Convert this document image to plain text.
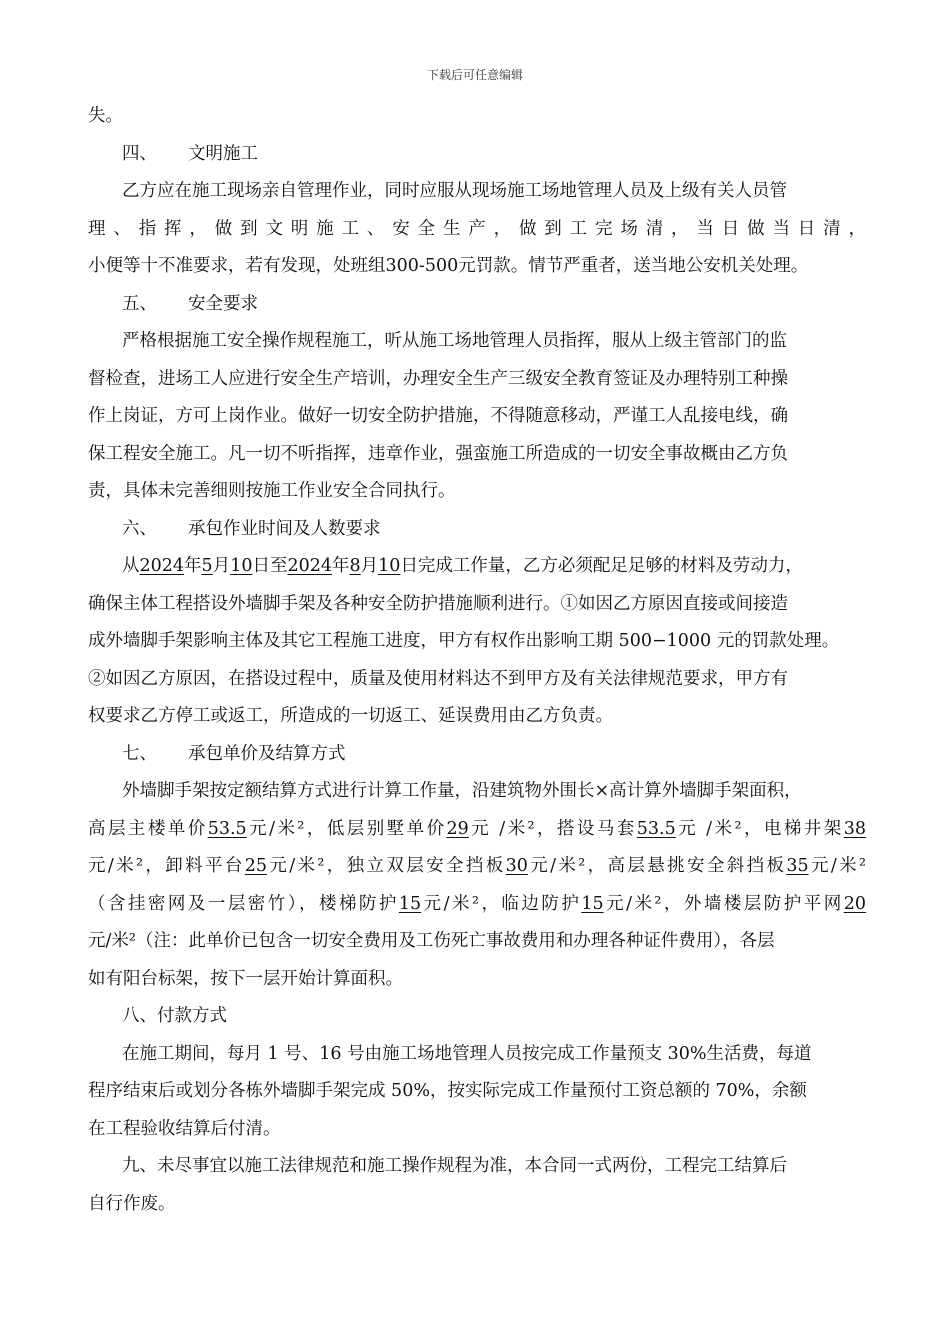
下载后可任意编辑
失。
四、 文明施工
乙方应在施工现场亲自管理作业，同时应服从现场施工场地管理人员及上级有关人员管
理、指挥，做到文明施工、安全生产，做到工完场清，当日做当日清，
小便等十不准要求，若有发现，处班组300-500元罚款。情节严重者，送当地公安机关处理。
五、 安全要求
严格根据施工安全操作规程施工，听从施工场地管理人员指挥，服从上级主管部门的监
督检查，进场工人应进行安全生产培训，办理安全生产三级安全教育签证及办理特别工种操
作上岗证，方可上岗作业。做好一切安全防护措施，不得随意移动，严谨工人乱接电线，确
保工程安全施工。凡一切不听指挥，违章作业，强蛮施工所造成的一切安全事故概由乙方负
责，具体未完善细则按施工作业安全合同执行。
六、 承包作业时间及人数要求
从2024年5月10日至2024年8月10日完成工作量，乙方必须配足足够的材料及劳动力，
确保主体工程搭设外墙脚手架及各种安全防护措施顺利进行。①如因乙方原因直接或间接造
成外墙脚手架影响主体及其它工程施工进度，甲方有权作出影响工期 500−1000 元的罚款处理。
②如因乙方原因，在搭设过程中，质量及使用材料达不到甲方及有关法律规范要求，甲方有
权要求乙方停工或返工，所造成的一切返工、延误费用由乙方负责。
七、 承包单价及结算方式
外墙脚手架按定额结算方式进行计算工作量，沿建筑物外围长×高计算外墙脚手架面积，
高层主楼单价53.5元/米²，低层别墅单价29元 /米²，搭设马套53.5元 /米²，电梯井架38
元/米²，卸料平台25元/米²，独立双层安全挡板30元/米²，高层悬挑安全斜挡板35元/米²
（含挂密网及一层密竹），楼梯防护15元/米²，临边防护15元/米²，外墙楼层防护平网20
元/米²（注：此单价已包含一切安全费用及工伤死亡事故费用和办理各种证件费用），各层
如有阳台标架，按下一层开始计算面积。
八、付款方式
在施工期间，每月 1 号、16 号由施工场地管理人员按完成工作量预支 30%生活费，每道
程序结束后或划分各栋外墙脚手架完成 50%，按实际完成工作量预付工资总额的 70%，余额
在工程验收结算后付清。
九、未尽事宜以施工法律规范和施工操作规程为准，本合同一式两份，工程完工结算后
自行作废。
